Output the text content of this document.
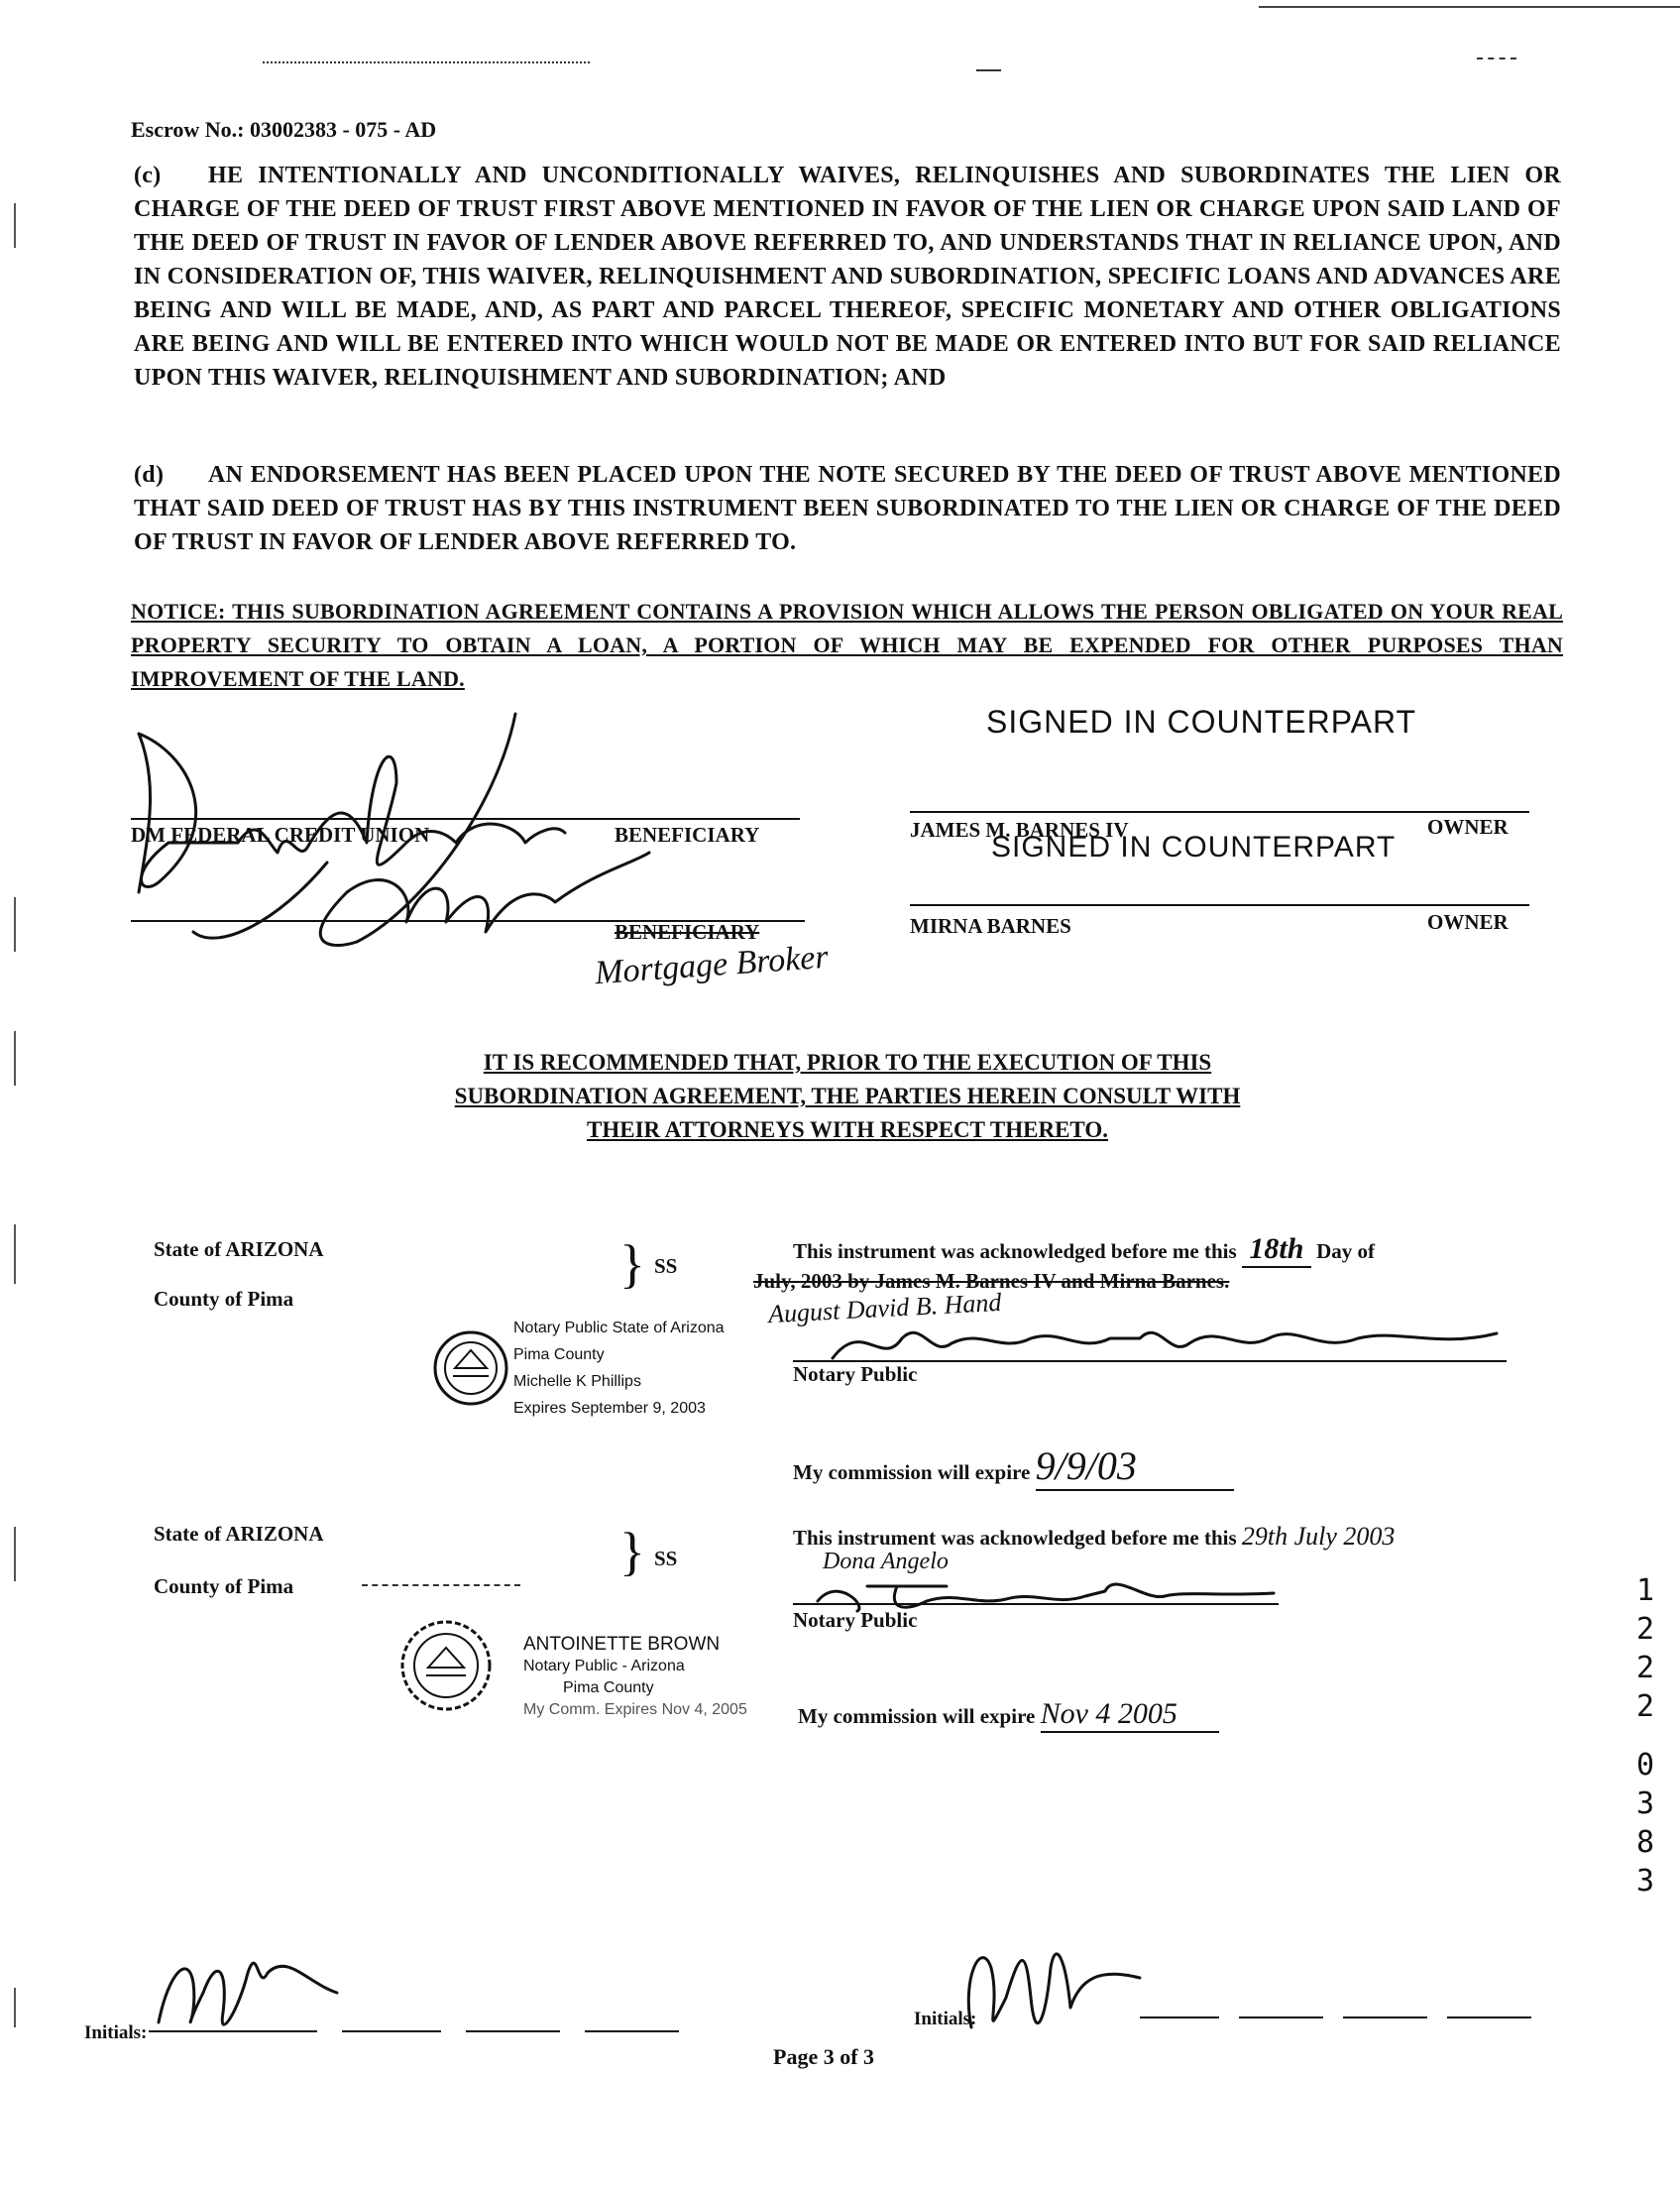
Escrow No.: 03002383 - 075 - AD
(c) HE INTENTIONALLY AND UNCONDITIONALLY WAIVES, RELINQUISHES AND SUBORDINATES THE LIEN OR CHARGE OF THE DEED OF TRUST FIRST ABOVE MENTIONED IN FAVOR OF THE LIEN OR CHARGE UPON SAID LAND OF THE DEED OF TRUST IN FAVOR OF LENDER ABOVE REFERRED TO, AND UNDERSTANDS THAT IN RELIANCE UPON, AND IN CONSIDERATION OF, THIS WAIVER, RELINQUISHMENT AND SUBORDINATION, SPECIFIC LOANS AND ADVANCES ARE BEING AND WILL BE MADE, AND, AS PART AND PARCEL THEREOF, SPECIFIC MONETARY AND OTHER OBLIGATIONS ARE BEING AND WILL BE ENTERED INTO WHICH WOULD NOT BE MADE OR ENTERED INTO BUT FOR SAID RELIANCE UPON THIS WAIVER, RELINQUISHMENT AND SUBORDINATION; AND
(d) AN ENDORSEMENT HAS BEEN PLACED UPON THE NOTE SECURED BY THE DEED OF TRUST ABOVE MENTIONED THAT SAID DEED OF TRUST HAS BY THIS INSTRUMENT BEEN SUBORDINATED TO THE LIEN OR CHARGE OF THE DEED OF TRUST IN FAVOR OF LENDER ABOVE REFERRED TO.
NOTICE: THIS SUBORDINATION AGREEMENT CONTAINS A PROVISION WHICH ALLOWS THE PERSON OBLIGATED ON YOUR REAL PROPERTY SECURITY TO OBTAIN A LOAN, A PORTION OF WHICH MAY BE EXPENDED FOR OTHER PURPOSES THAN IMPROVEMENT OF THE LAND.
SIGNED IN COUNTERPART
DM FEDERAL CREDIT UNION	BENEFICIARY
BENEFICIARY
Mortgage Broker
JAMES M. BARNES IV	OWNER
SIGNED IN COUNTERPART
MIRNA BARNES	OWNER
IT IS RECOMMENDED THAT, PRIOR TO THE EXECUTION OF THIS
SUBORDINATION AGREEMENT, THE PARTIES HEREIN CONSULT WITH
THEIR ATTORNEYS WITH RESPECT THERETO.
State of ARIZONA
County of Pima
} SS
This instrument was acknowledged before me this 18th Day of
July, 2003 by James M. Barnes IV and Mirna Barnes.
August David B. Hand
Notary Public
Notary Public State of Arizona
Pima County
Michelle K Phillips
Expires September 9, 2003
My commission will expire 9/9/03
State of ARIZONA
County of Pima
} SS
This instrument was acknowledged before me this 29th July 2003
Dona Angelo
Notary Public
ANTOINETTE BROWN
Notary Public - Arizona
Pima County
My Comm. Expires Nov 4, 2005 My commission will expire Nov 4 2005
1
2
2
2
0
3
8
3
Initials:
Initials:
Page 3 of 3
